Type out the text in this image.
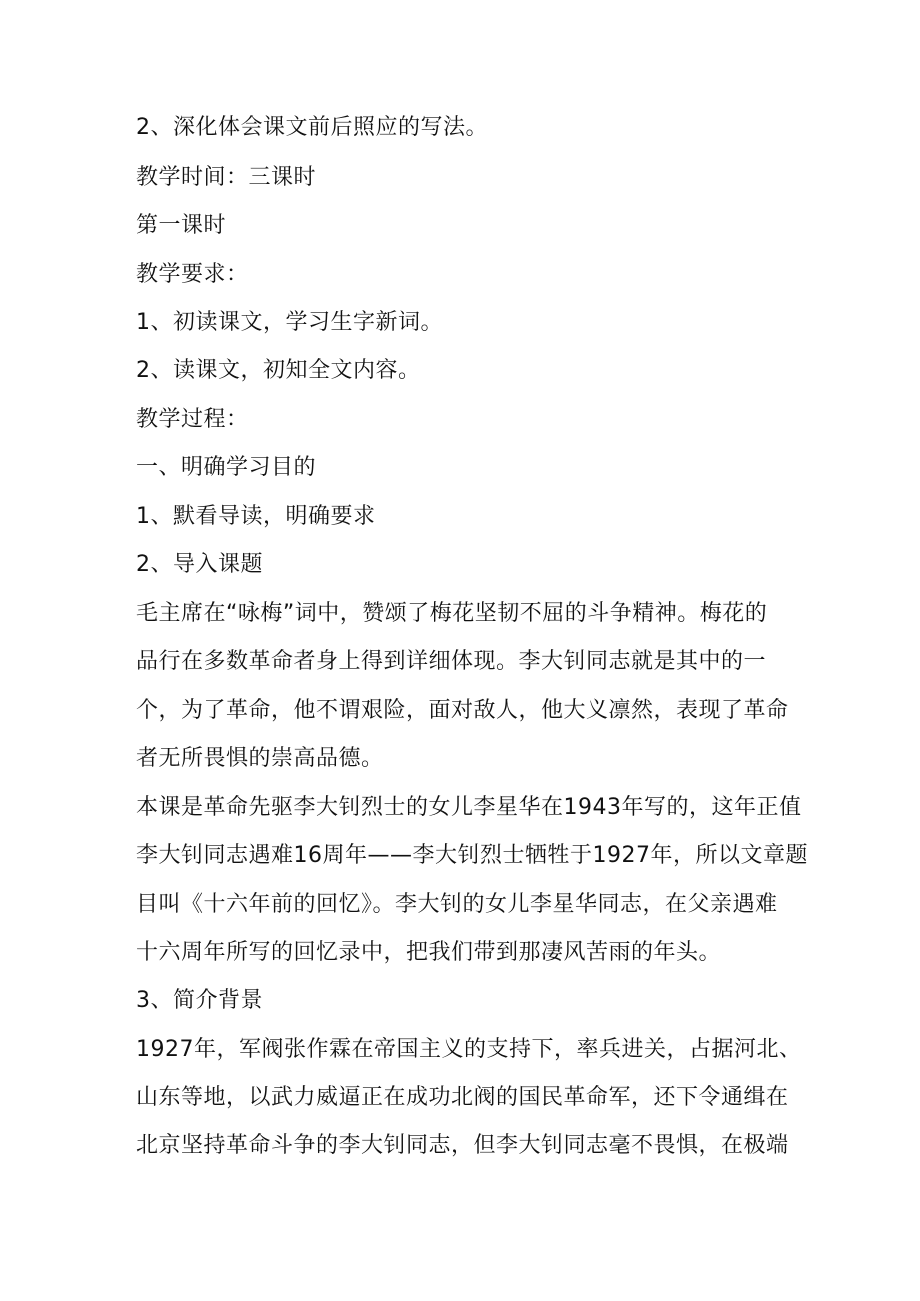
2、深化体会课文前后照应的写法。
教学时间：三课时
第一课时
教学要求：
1、初读课文，学习生字新词。
2、读课文，初知全文内容。
教学过程：
一、明确学习目的
1、默看导读，明确要求
2、导入课题
毛主席在“咏梅”词中，赞颂了梅花坚韧不屈的斗争精神。梅花的
品行在多数革命者身上得到详细体现。李大钊同志就是其中的一
个，为了革命，他不谓艰险，面对敌人，他大义凛然，表现了革命
者无所畏惧的崇高品德。
本课是革命先驱李大钊烈士的女儿李星华在1943年写的，这年正值
李大钊同志遇难16周年——李大钊烈士牺牲于1927年，所以文章题
目叫《十六年前的回忆》。李大钊的女儿李星华同志，在父亲遇难
十六周年所写的回忆录中，把我们带到那凄风苦雨的年头。
3、简介背景
1927年，军阀张作霖在帝国主义的支持下，率兵进关，占据河北、
山东等地，以武力威逼正在成功北阀的国民革命军，还下令通缉在
北京坚持革命斗争的李大钊同志，但李大钊同志毫不畏惧，在极端
